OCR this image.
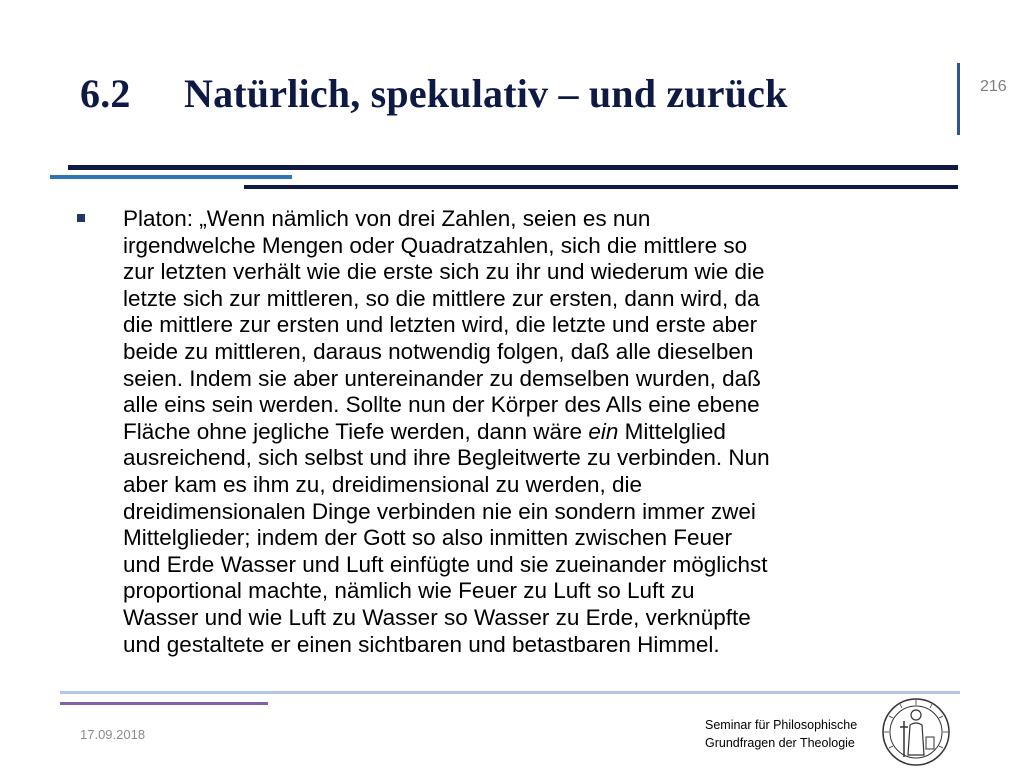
6.2 Natürlich, spekulativ – und zurück	216

Platon: „Wenn nämlich von drei Zahlen, seien es nun
irgendwelche Mengen oder Quadratzahlen, sich die mittlere so
zur letzten verhält wie die erste sich zu ihr und wiederum wie die
letzte sich zur mittleren, so die mittlere zur ersten, dann wird, da
die mittlere zur ersten und letzten wird, die letzte und erste aber
beide zu mittleren, daraus notwendig folgen, daß alle dieselben
seien. Indem sie aber untereinander zu demselben wurden, daß
alle eins sein werden. Sollte nun der Körper des Alls eine ebene
Fläche ohne jegliche Tiefe werden, dann wäre ein Mittelglied
ausreichend, sich selbst und ihre Begleitwerte zu verbinden. Nun
aber kam es ihm zu, dreidimensional zu werden, die
dreidimensionalen Dinge verbinden nie ein sondern immer zwei
Mittelglieder; indem der Gott so also inmitten zwischen Feuer
und Erde Wasser und Luft einfügte und sie zueinander möglichst
proportional machte, nämlich wie Feuer zu Luft so Luft zu
Wasser und wie Luft zu Wasser so Wasser zu Erde, verknüpfte
und gestaltete er einen sichtbaren und betastbaren Himmel.

17.09.2018
Seminar für Philosophische
Grundfragen der Theologie
